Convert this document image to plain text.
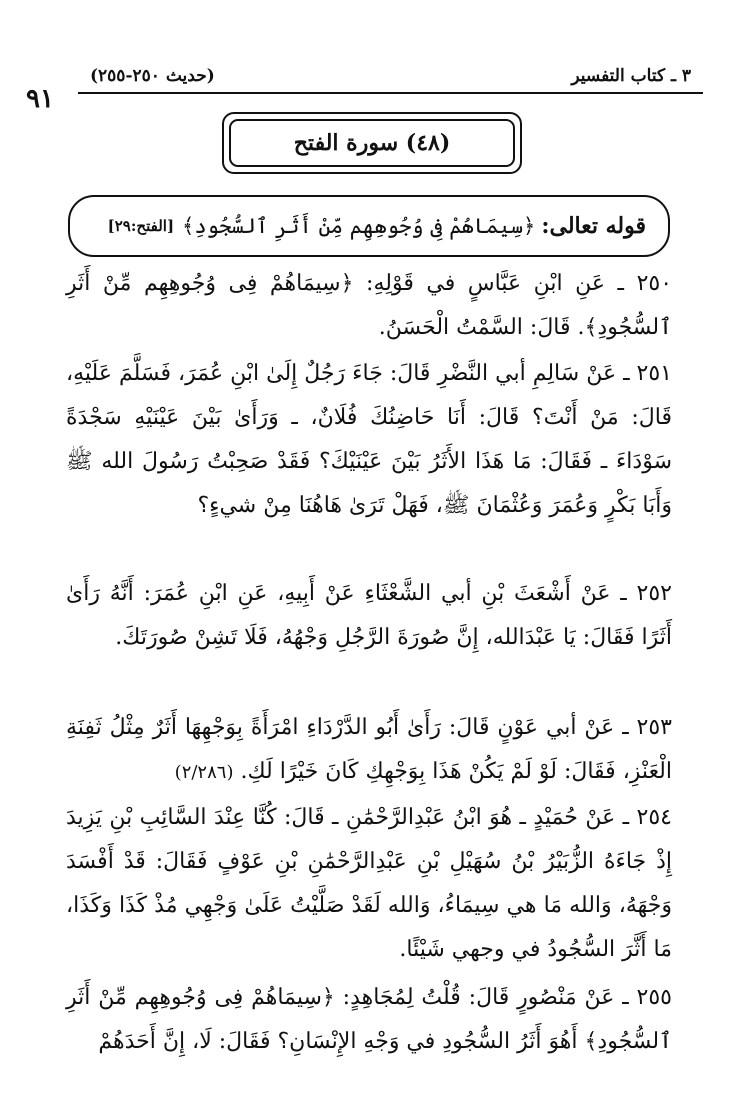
٣ ـ كتاب التفسير
(حديث ٢٥٠-٢٥٥)
٩١
(٤٨) سورة الفتح
قوله تعالى:
﴿سِيمَاهُمْ فِى وُجُوهِهِم مِّنْ أَثَرِ ٱلسُّجُودِ﴾
[الفتح:٢٩]
٢٥٠ ـ عَنِ ابْنِ عَبَّاسٍ في قَوْلِهِ: ﴿سِيمَاهُمْ فِى وُجُوهِهِم مِّنْ أَثَرِ ٱلسُّجُودِ﴾. قَالَ: السَّمْتُ الْحَسَنُ.
٢٥١ ـ عَنْ سَالِمِ أبي النَّضْرِ قَالَ: جَاءَ رَجُلٌ إِلَىٰ ابْنِ عُمَرَ، فَسَلَّمَ عَلَيْهِ، قَالَ: مَنْ أَنْتَ؟ قَالَ: أَنَا حَاضِنُكَ فُلَانٌ، ـ وَرَأَىٰ بَيْنَ عَيْنَيْهِ سَجْدَةً سَوْدَاءَ ـ فَقَالَ: مَا هَذَا الأَثَرُ بَيْنَ عَيْنَيْكَ؟ فَقَدْ صَحِبْتُ رَسُولَ الله ﷺ وَأَبَا بَكْرٍ وَعُمَرَ وَعُثْمَانَ ﷺ، فَهَلْ تَرَىٰ هَاهُنَا مِنْ شيءٍ؟
٢٥٢ ـ عَنْ أَشْعَثَ بْنِ أبي الشَّعْثَاءِ عَنْ أَبِيهِ، عَنِ ابْنِ عُمَرَ: أَنَّهُ رَأَىٰ أَثَرًا فَقَالَ: يَا عَبْدَالله، إِنَّ صُورَةَ الرَّجُلِ وَجْهُهُ، فَلَا تَشِنْ صُورَتَكَ.
٢٥٣ ـ عَنْ أبي عَوْنٍ قَالَ: رَأَىٰ أَبُو الدَّرْدَاءِ امْرَأَةً بِوَجْهِهَا أَثَرٌ مِثْلُ ثَفِنَةِ الْعَنْزِ، فَقَالَ: لَوْ لَمْ يَكُنْ هَذَا بِوَجْهِكِ كَانَ خَيْرًا لَكِ. (٢/٢٨٦)
٢٥٤ ـ عَنْ حُمَيْدٍ ـ هُوَ ابْنُ عَبْدِالرَّحْمَٰنِ ـ قَالَ: كُنَّا عِنْدَ السَّائِبِ بْنِ يَزِيدَ إِذْ جَاءَهُ الزُّبَيْرُ بْنُ سُهَيْلِ بْنِ عَبْدِالرَّحْمَٰنِ بْنِ عَوْفٍ فَقَالَ: قَدْ أَفْسَدَ وَجْهَهُ، وَالله مَا هي سِيمَاءُ، وَالله لَقَدْ صَلَّيْتُ عَلَىٰ وَجْهِي مُذْ كَذَا وَكَذَا، مَا أَثَّرَ السُّجُودُ في وجهي شَيْئًا.
٢٥٥ ـ عَنْ مَنْصُورٍ قَالَ: قُلْتُ لِمُجَاهِدٍ: ﴿سِيمَاهُمْ فِى وُجُوهِهِم مِّنْ أَثَرِ ٱلسُّجُودِ﴾ أَهُوَ أَثَرُ السُّجُودِ في وَجْهِ الإِنْسَانِ؟ فَقَالَ: لَا، إِنَّ أَحَدَهُمْ
